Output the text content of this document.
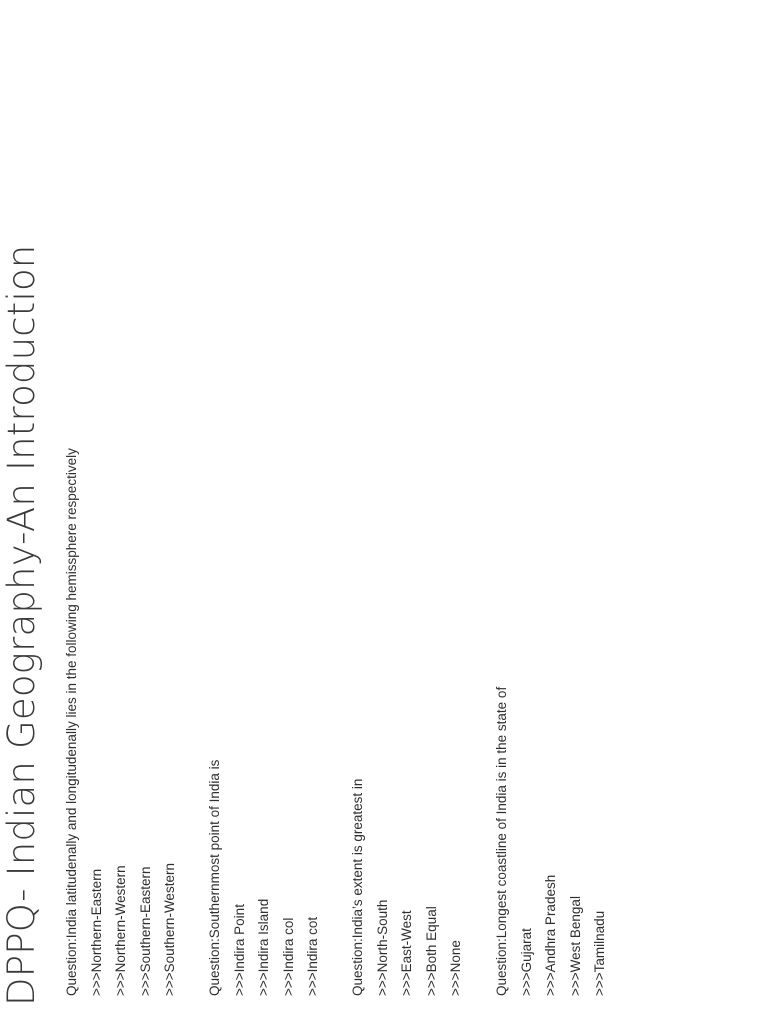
DPPQ- Indian Geography-An Introduction Question:India latitudenally and longitudenally lies in the following hemissphere respectively >>>Northern-Eastern >>>Northern-Western >>>Southern-Eastern >>>Southern-Western	Question:Southernmost point of India is >>>Indira Point >>>Indira Island >>>Indira col >>>Indira cot	Question:India’s extent is greatest in >>>North-South >>>East-West >>>Both Equal >>>None	Question:Longest coastline of India is in the state of >>>Gujarat >>>Andhra Pradesh >>>West Bengal >>>Tamilnadu
